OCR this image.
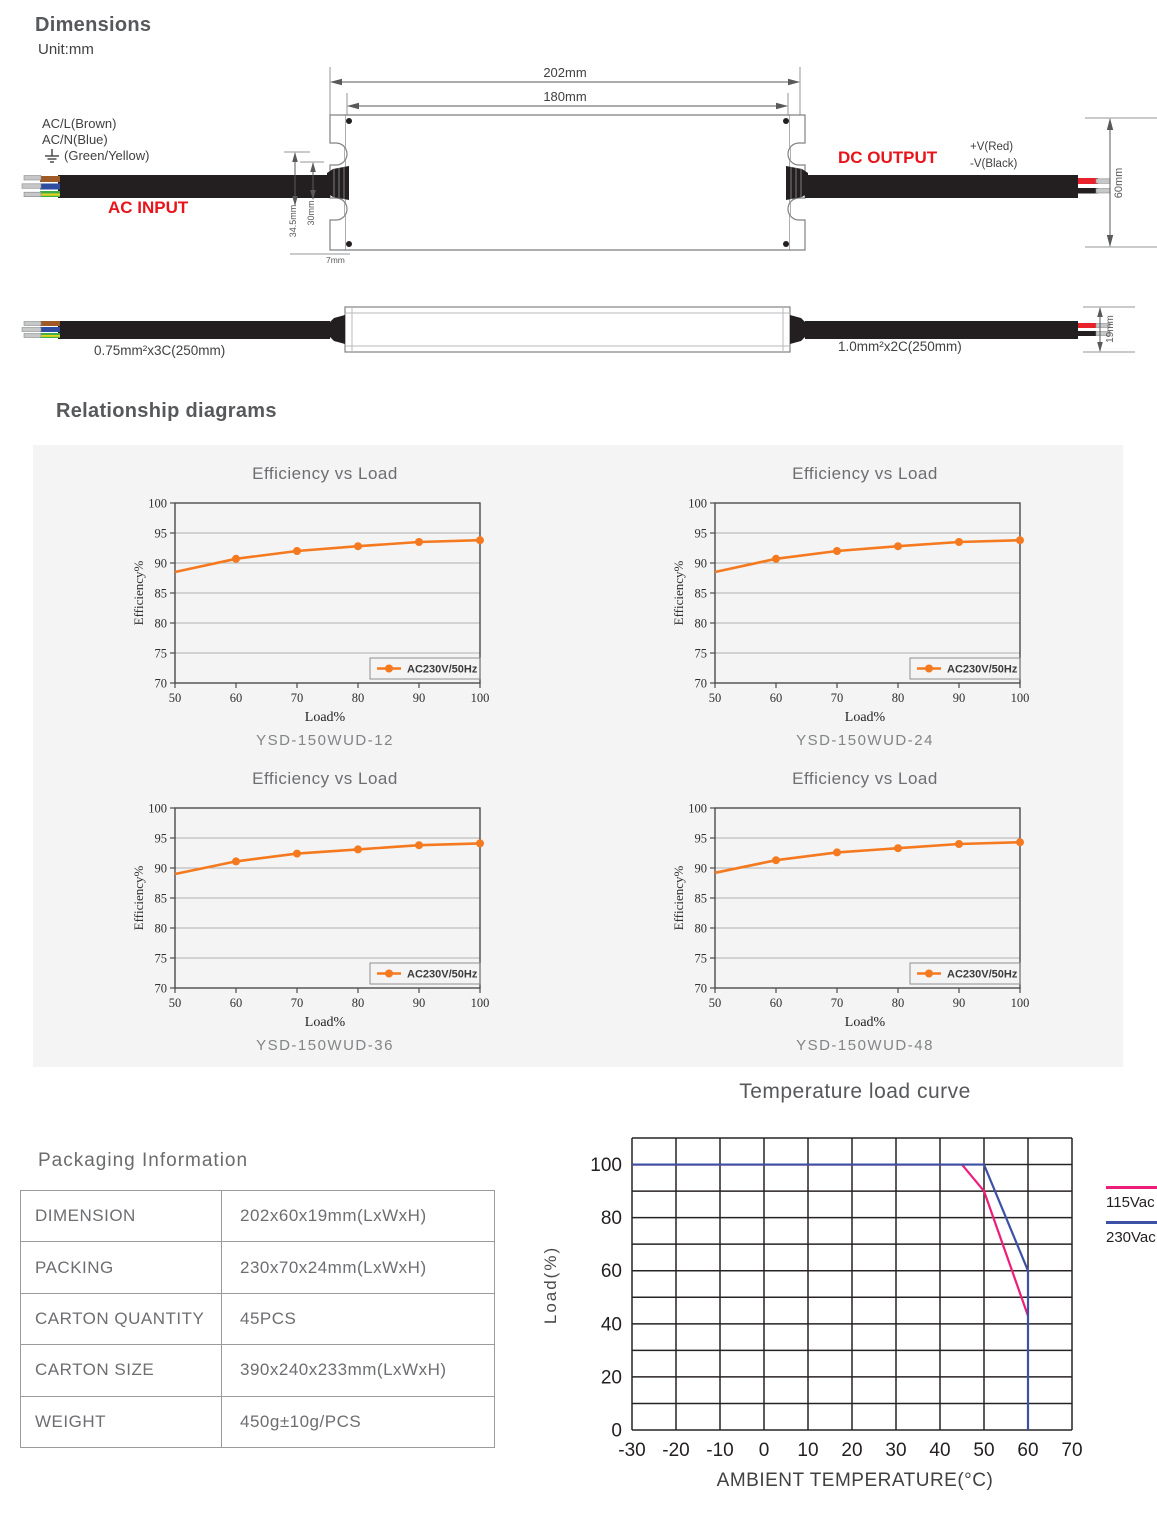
Dimensions
Unit:mm
202mm
180mm
AC INPUT
DC OUTPUT
AC/L(Brown)
AC/N(Blue)
(Green/Yellow)
+V(Red)
-V(Black)
60mm
34.5mm 30mm
7mm
0.75mm²x3C(250mm)	1.0mm²x2C(250mm)
19mm
Relationship diagrams
Efficiency vs Load
70
75
80
85
90
95
100
50	60	70	80	90	100
Efficiency%
AC230V/50Hz
Load%
YSD-150WUD-12
Efficiency vs Load
70
75
80
85
90
95
100
50	60	70	80	90	100
Efficiency%
AC230V/50Hz
Load%
YSD-150WUD-24
Efficiency vs Load
70
75
80
85
90
95
100
50	60	70	80	90	100
Efficiency%
AC230V/50Hz
Load%
YSD-150WUD-36
Efficiency vs Load
70
75
80
85
90
95
100
50	60	70	80	90	100
Efficiency%
AC230V/50Hz
Load%
YSD-150WUD-48
Packaging Information
DIMENSION	202x60x19mm(LxWxH)
PACKING	230x70x24mm(LxWxH)
CARTON QUANTITY	45PCS
CARTON SIZE	390x240x233mm(LxWxH)
WEIGHT	450g±10g/PCS
Temperature load curve
-30 -20 -10 0 10 20 30 40 50 60 70
0
20
40
60
80
100
Load(%)
AMBIENT TEMPERATURE(°C)
115Vac
230Vac
